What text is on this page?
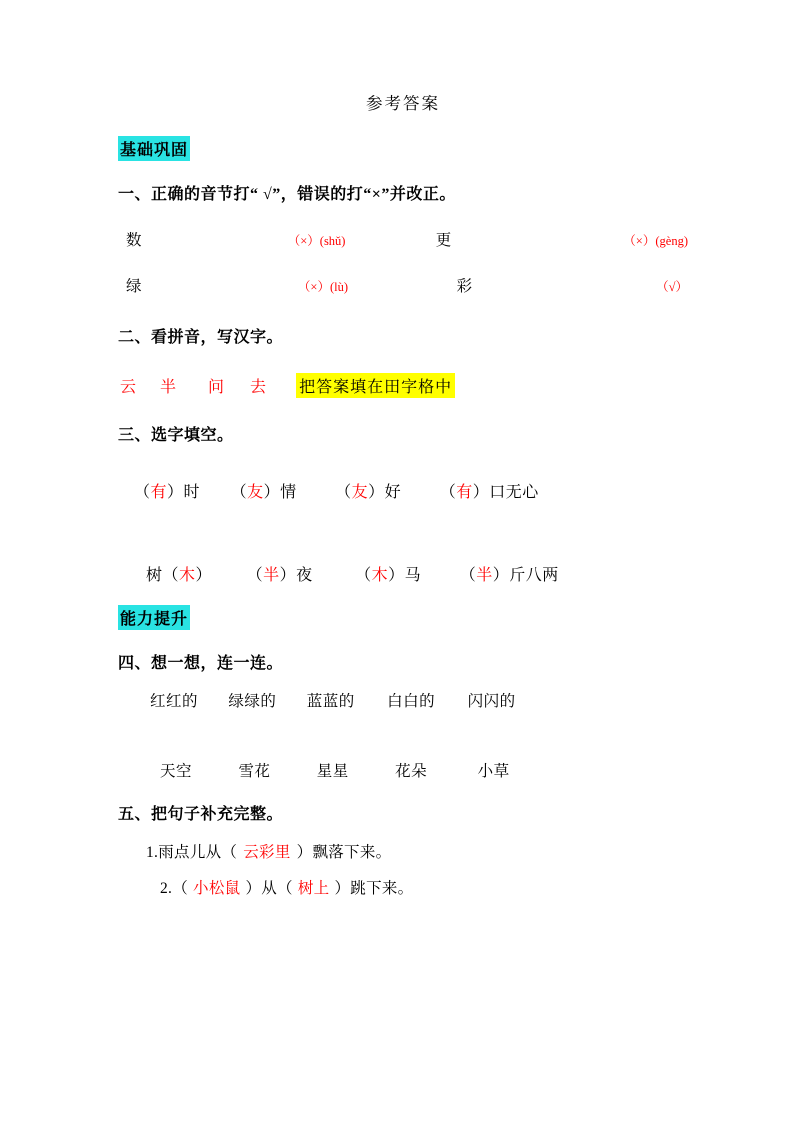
参考答案
基础巩固
一、正确的音节打“ √”，错误的打“×”并改正。
数	（×）(shǔ)	更	（×）(gèng)
绿	（×）(lù)	彩	（√）
二、看拼音，写汉字。
云 半 问 去 把答案填在田字格中
三、选字填空。
（有）时 （友）情 （友）好 （有）口无心
树（木） （半）夜	（木）马 （半）斤八两
能力提升
四、想一想，连一连。
红红的 绿绿的 蓝蓝的 白白的 闪闪的
天空	雪花	星星	花朵	小草
五、把句子补充完整。
1.雨点儿从（ 云彩里 ）飘落下来。
2.（ 小松鼠 ）从（ 树上 ）跳下来。
